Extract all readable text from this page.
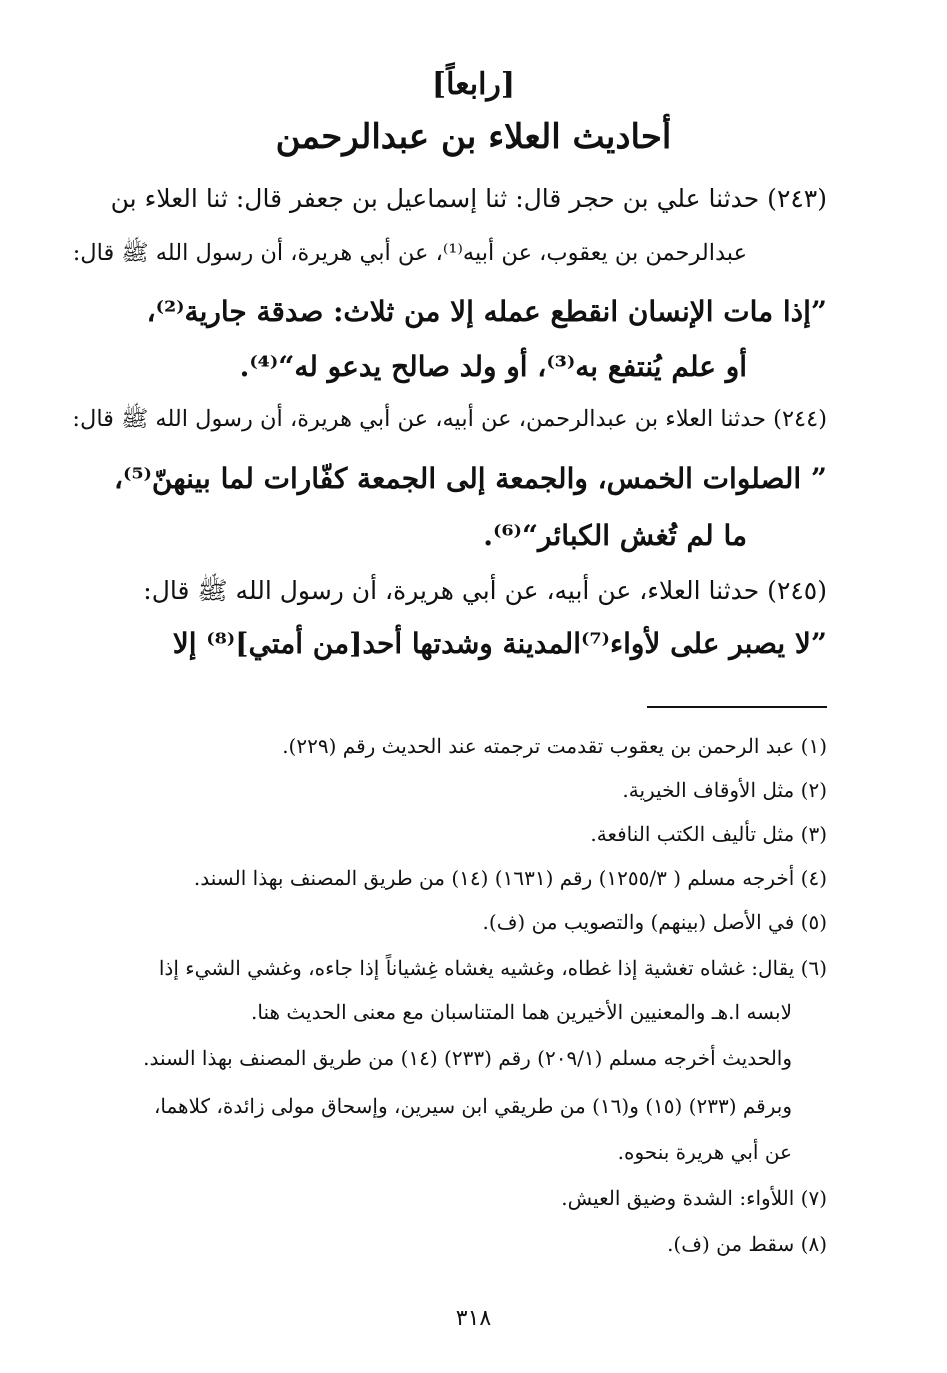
[رابعاً]
أحاديث العلاء بن عبدالرحمن
(٢٤٣) حدثنا علي بن حجر قال: ثنا إسماعيل بن جعفر قال: ثنا العلاء بن
عبدالرحمن بن يعقوب، عن أبيه⁽¹⁾، عن أبي هريرة، أن رسول الله ﷺ قال:
”إذا مات الإنسان انقطع عمله إلا من ثلاث: صدقة جارية⁽²⁾،
أو علم يُنتفع به⁽³⁾، أو ولد صالح يدعو له“⁽⁴⁾.
(٢٤٤) حدثنا العلاء بن عبدالرحمن، عن أبيه، عن أبي هريرة، أن رسول الله ﷺ قال:
” الصلوات الخمس، والجمعة إلى الجمعة كفّارات لما بينهنّ⁽⁵⁾،
ما لم تُغش الكبائر“⁽⁶⁾.
(٢٤٥) حدثنا العلاء، عن أبيه، عن أبي هريرة، أن رسول الله ﷺ قال:
”لا يصبر على لأواء⁽⁷⁾المدينة وشدتها أحد[من أمتي]⁽⁸⁾ إلا
(١) عبد الرحمن بن يعقوب تقدمت ترجمته عند الحديث رقم (٢٢٩).
(٢) مثل الأوقاف الخيرية.
(٣) مثل تأليف الكتب النافعة.
(٤) أخرجه مسلم ( ١٢٥٥/٣) رقم (١٦٣١) (١٤) من طريق المصنف بهذا السند.
(٥) في الأصل (بينهم) والتصويب من (ف).
(٦) يقال: غشاه تغشية إذا غطاه، وغشيه يغشاه غِشياناً إذا جاءه، وغشي الشيء إذا
لابسه ا.هـ والمعنيين الأخيرين هما المتناسبان مع معنى الحديث هنا.
والحديث أخرجه مسلم (٢٠٩/١) رقم (٢٣٣) (١٤) من طريق المصنف بهذا السند.
وبرقم (٢٣٣) (١٥) و(١٦) من طريقي ابن سيرين، وإسحاق مولى زائدة، كلاهما،
عن أبي هريرة بنحوه.
(٧) اللأواء: الشدة وضيق العيش.
(٨) سقط من (ف).
٣١٨
